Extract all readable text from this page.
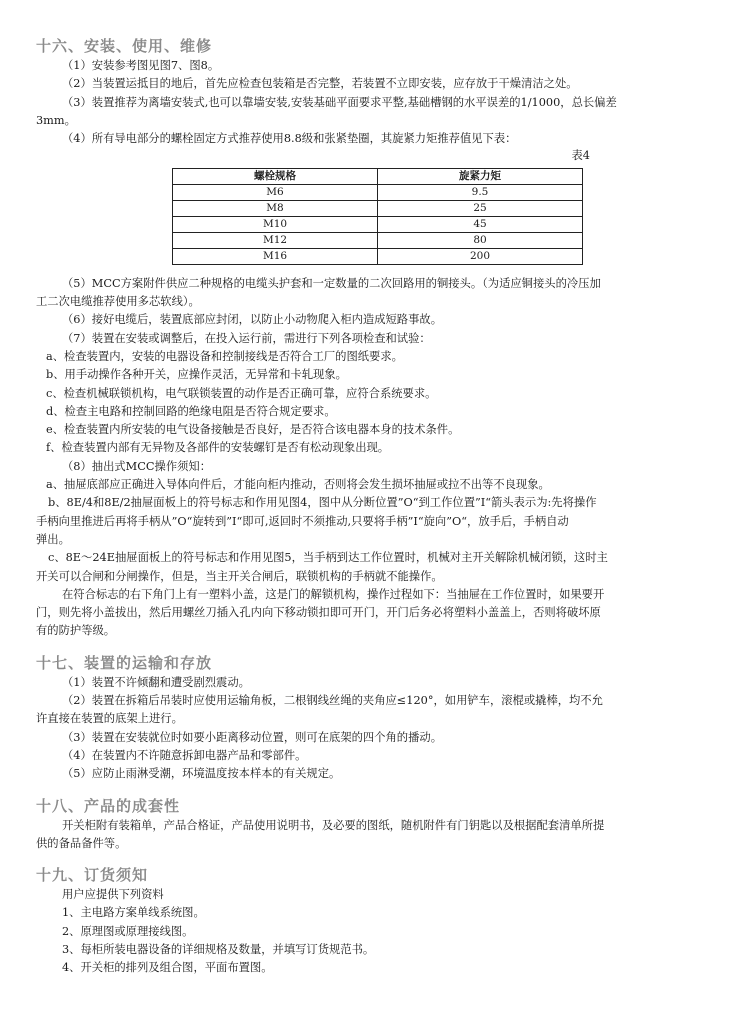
十六、安装、使用、维修

（1）安装参考图见图7、图8。

（2）当装置运抵目的地后，首先应检查包装箱是否完整，若装置不立即安装，应存放于干燥清洁之处。

（3）装置推荐为离墙安装式,也可以靠墙安装,安装基础平面要求平整,基础槽钢的水平误差的1/1000，总长偏差

3mm。

（4）所有导电部分的螺栓固定方式推荐使用8.8级和张紧垫圈，其旋紧力矩推荐值见下表：

表4

螺栓规格	旋紧力矩
M6	9.5
M8	25
M10	45
M12	80
M16	200

（5）MCC方案附件供应二种规格的电缆头护套和一定数量的二次回路用的铜接头。（为适应铜接头的冷压加

工二次电缆推荐使用多芯软线）。

（6）接好电缆后，装置底部应封闭，以防止小动物爬入柜内造成短路事故。

（7）装置在安装或调整后，在投入运行前，需进行下列各项检查和试验：

a、检查装置内，安装的电器设备和控制接线是否符合工厂的图纸要求。

b、用手动操作各种开关，应操作灵活，无异常和卡轧现象。

c、检查机械联锁机构，电气联锁装置的动作是否正确可靠，应符合系统要求。

d、检查主电路和控制回路的绝缘电阻是否符合规定要求。

e、检查装置内所安装的电气设备接触是否良好，是否符合该电器本身的技术条件。

f、检查装置内部有无异物及各部件的安装螺钉是否有松动现象出现。

（8）抽出式MCC操作须知：

a、抽屉底部应正确进入导体向件后，才能向柜内推动，否则将会发生损坏抽屉或拉不出等不良现象。

b、8E/4和8E/2抽屉面板上的符号标志和作用见图4，图中从分断位置”O“到工作位置”I“箭头表示为:先将操作

手柄向里推进后再将手柄从”O“旋转到”I“即可,返回时不须推动,只要将手柄”I“旋向”O“，放手后，手柄自动

弹出。

c、8E～24E抽屉面板上的符号标志和作用见图5，当手柄到达工作位置时，机械对主开关解除机械闭锁，这时主

开关可以合闸和分闸操作，但是，当主开关合闸后，联锁机构的手柄就不能操作。

在符合标志的右下角门上有一塑料小盖，这是门的解锁机构，操作过程如下：当抽屉在工作位置时，如果要开

门，则先将小盖拔出，然后用螺丝刀插入孔内向下移动锁扣即可开门，开门后务必将塑料小盖盖上，否则将破坏原

有的防护等级。

十七、装置的运输和存放

（1）装置不许倾翻和遭受剧烈震动。

（2）装置在拆箱后吊装时应使用运输角板，二根钢线丝绳的夹角应≤120°，如用铲车，滚棍或撬棒，均不允

许直接在装置的底架上进行。

（3）装置在安装就位时如要小距离移动位置，则可在底架的四个角的播动。

（4）在装置内不许随意拆卸电器产品和零部件。

（5）应防止雨淋受潮，环境温度按本样本的有关规定。

十八、产品的成套性

开关柜附有装箱单，产品合格证，产品使用说明书，及必要的图纸，随机附件有门钥匙以及根据配套清单所提

供的备品备件等。

十九、订货须知

用户应提供下列资料

1、主电路方案单线系统图。

2、原理图或原理接线图。

3、每柜所装电器设备的详细规格及数量，并填写订货规范书。

4、开关柜的排列及组合图，平面布置图。
